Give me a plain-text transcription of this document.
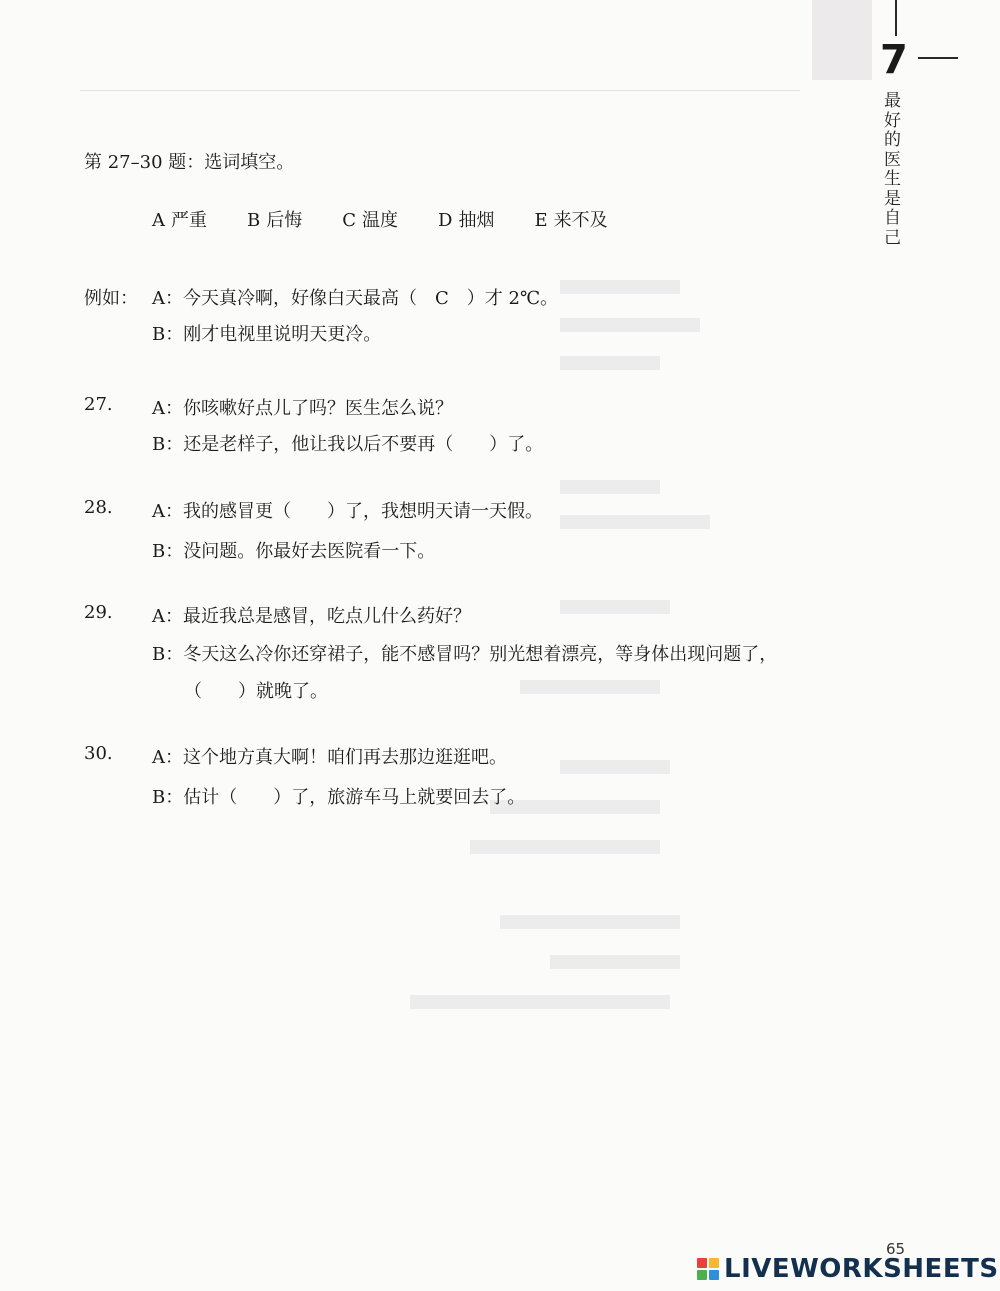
7
最好的医生是自己
第 27–30 题：选词填空。
A 严重 B 后悔 C 温度 D 抽烟 E 来不及
例如： A：今天真冷啊，好像白天最高（　C　）才 2℃。
B：刚才电视里说明天更冷。
27. A：你咳嗽好点儿了吗？医生怎么说？
B：还是老样子，他让我以后不要再（　　）了。
28. A：我的感冒更（　　）了，我想明天请一天假。
B：没问题。你最好去医院看一下。
29. A：最近我总是感冒，吃点儿什么药好？
B：冬天这么冷你还穿裙子，能不感冒吗？别光想着漂亮，等身体出现问题了，
（　　）就晚了。
30. A：这个地方真大啊！咱们再去那边逛逛吧。
B：估计（　　）了，旅游车马上就要回去了。
65
LIVEWORKSHEETS
